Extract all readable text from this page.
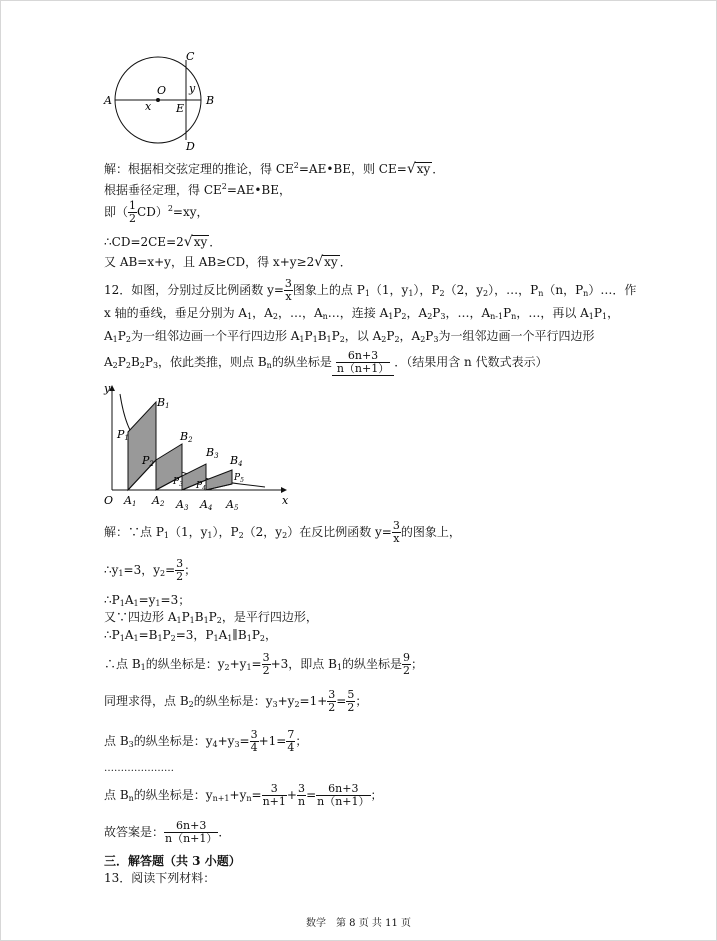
A	B
C
D
O
E
x
y
解：根据相交弦定理的推论，得 $CE^2=AE•BE$，则 CE=√xy ．
根据垂径定理，得 $CE^2=AE•BE$，
即（ $\frac{1}{2} CD)^2=xy$，
∴CD=2CE=2√xy ．
又 AB=x+y，且 AB≥CD，得 x+y≥2√xy ．
12．如图，分别过反比例函数 $y= \frac{3}{x}$ 图象上的点 $P_1(1$，$y_1$），$P_2(2$，$y_2$），…，$P_n(n$，$P_n)\dots$．作
x 轴的垂线，垂足分别为 $A_1$，$A_2$，…，$A_n\dots$，连接 $A_1P_2$，$A_2P_3$，…，$A_{n-1}P_n$，…，再以 $A_1P_1$，
$A_1P_2$为一组邻边画一个平行四边形 $A_1P_1B_1P_2$，以 $A_2P_2$，$A_2P_3$为一组邻边画一个平行四边形
$A_2P_2B_2P_3$，依此类推，则点 $B_n$的纵坐标是 $\frac{6n+3}{n(n+1)}$ ．（结果用含 n 代数式表示）
y
x
O
P1
B1
B2
B3 B4
P2
$P_3$ $P_4$
$P_5$
A1 A2 A3 A4 A5
解：∵点 $P_1(1$，$y_1$），$P_2(2$，$y_2$）在反比例函数 $y= \frac{3}{x}$ 的图象上，
$\therefore y_1=3$，$y_2= \frac{3}{2}$ ；
$\therefore P_1A_1=y_1=3$；
又∵四边形 $A_1P_1B_1P_2$，是平行四边形，
$\therefore P_1A_1=B_1P_2=3$，$P_1A_1\parallel B_1P_2$，
∴点 $B_1$的纵坐标是：$y_2+y_1= \frac{3}{2} +3$，即点 $B_1$的纵坐标是 $\frac{9}{2}$ ；
同理求得，点 $B_2$的纵坐标是：$y_3+y_2=1+ \frac{3}{2} = \frac{5}{2}$ ；
点 $B_3$的纵坐标是：$y_4+y_3= \frac{3}{4} +1= \frac{7}{4}$ ；
…………………
点 $B_n$的纵坐标是：$y_{n+1}+y_n= \frac{3}{n+1} + \frac{3}{n} = \frac{6n+3}{n(n+1)}$ ；
故答案是： $\frac{6n+3}{n(n+1)}$ ．
三．解答题（共 3 小题）
13．阅读下列材料：
数学　第 8 页 共 11 页
